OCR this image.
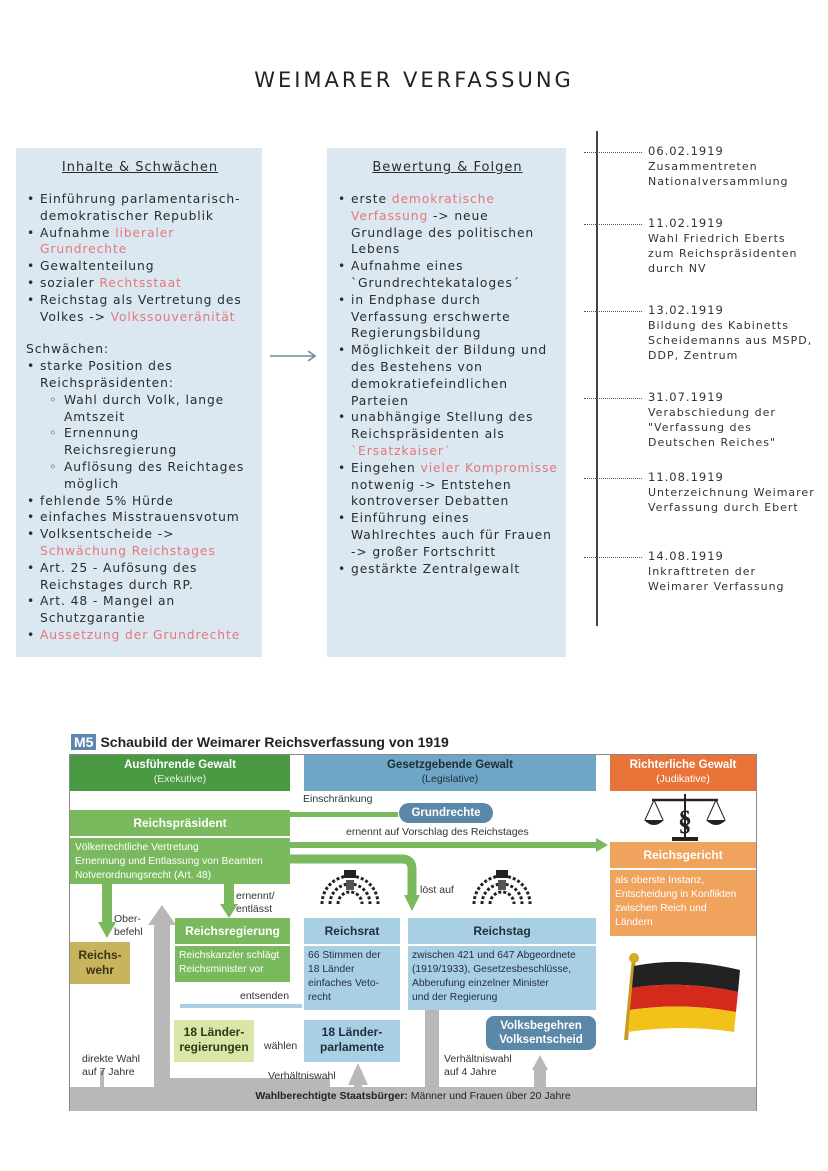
WEIMARER VERFASSUNG
Inhalte & Schwächen
• Einführung parlamentarisch-demokratischer Republik
• Aufnahme liberaler Grundrechte
• Gewaltenteilung
• sozialer Rechtsstaat
• Reichstag als Vertretung des Volkes -> Volkssouveränität
Schwächen:
• starke Position des Reichspräsidenten:
◦ Wahl durch Volk, lange Amtszeit
◦ Ernennung Reichsregierung
◦ Auflösung des Reichtages möglich
• fehlende 5% Hürde
• einfaches Misstrauensvotum
• Volksentscheide -> Schwächung Reichstages
• Art. 25 - Aufösung des Reichstages durch RP.
• Art. 48 - Mangel an Schutzgarantie
• Aussetzung der Grundrechte
Bewertung & Folgen
• erste demokratische Verfassung -> neue Grundlage des politischen Lebens
• Aufnahme eines `Grundrechtekataloges´
• in Endphase durch Verfassung erschwerte Regierungsbildung
• Möglichkeit der Bildung und des Bestehens von demokratiefeindlichen Parteien
• unabhängige Stellung des Reichspräsidenten als `Ersatzkaiser´
• Eingehen vieler Kompromisse notwenig -> Entstehen kontroverser Debatten
• Einführung eines Wahlrechtes auch für Frauen -> großer Fortschritt
• gestärkte Zentralgewalt
06.02.1919
Zusammentreten
Nationalversammlung
11.02.1919
Wahl Friedrich Eberts
zum Reichspräsidenten
durch NV
13.02.1919
Bildung des Kabinetts
Scheidemanns aus MSPD,
DDP, Zentrum
31.07.1919
Verabschiedung der
"Verfassung des
Deutschen Reiches"
11.08.1919
Unterzeichnung Weimarer
Verfassung durch Ebert
14.08.1919
Inkrafttreten der
Weimarer Verfassung
M5 Schaubild der Weimarer Reichsverfassung von 1919
Ausführende Gewalt
(Exekutive)
Gesetzgebende Gewalt
(Legislative)
Richterliche Gewalt
(Judikative)
Einschränkung
Grundrechte
ernennt auf Vorschlag des Reichstages
Reichspräsident
Völkerrechtliche Vertretung
Ernennung und Entlassung von Beamten
Notverordnungsrecht (Art. 48)
§
Reichsgericht
als oberste Instanz,
Entscheidung in Konflikten
zwischen Reich und
Ländern
ernennt/
entlässt
löst auf
Ober-
befehl
Reichs-
wehr
Reichsregierung
Reichskanzler schlägt
Reichsminister vor
Reichsrat
66 Stimmen der
18 Länder
einfaches Veto-
recht
Reichstag
zwischen 421 und 647 Abgeordnete
(1919/1933), Gesetzesbeschlüsse,
Abberufung einzelner Minister
und der Regierung
entsenden
18 Länder-
regierungen	wählen
18 Länder-
parlamente
Volksbegehren
Volksentscheid
direkte Wahl
auf 7 Jahre	Verhältniswahl
Verhältniswahl
auf 4 Jahre
Wahlberechtigte Staatsbürger: Männer und Frauen über 20 Jahre
